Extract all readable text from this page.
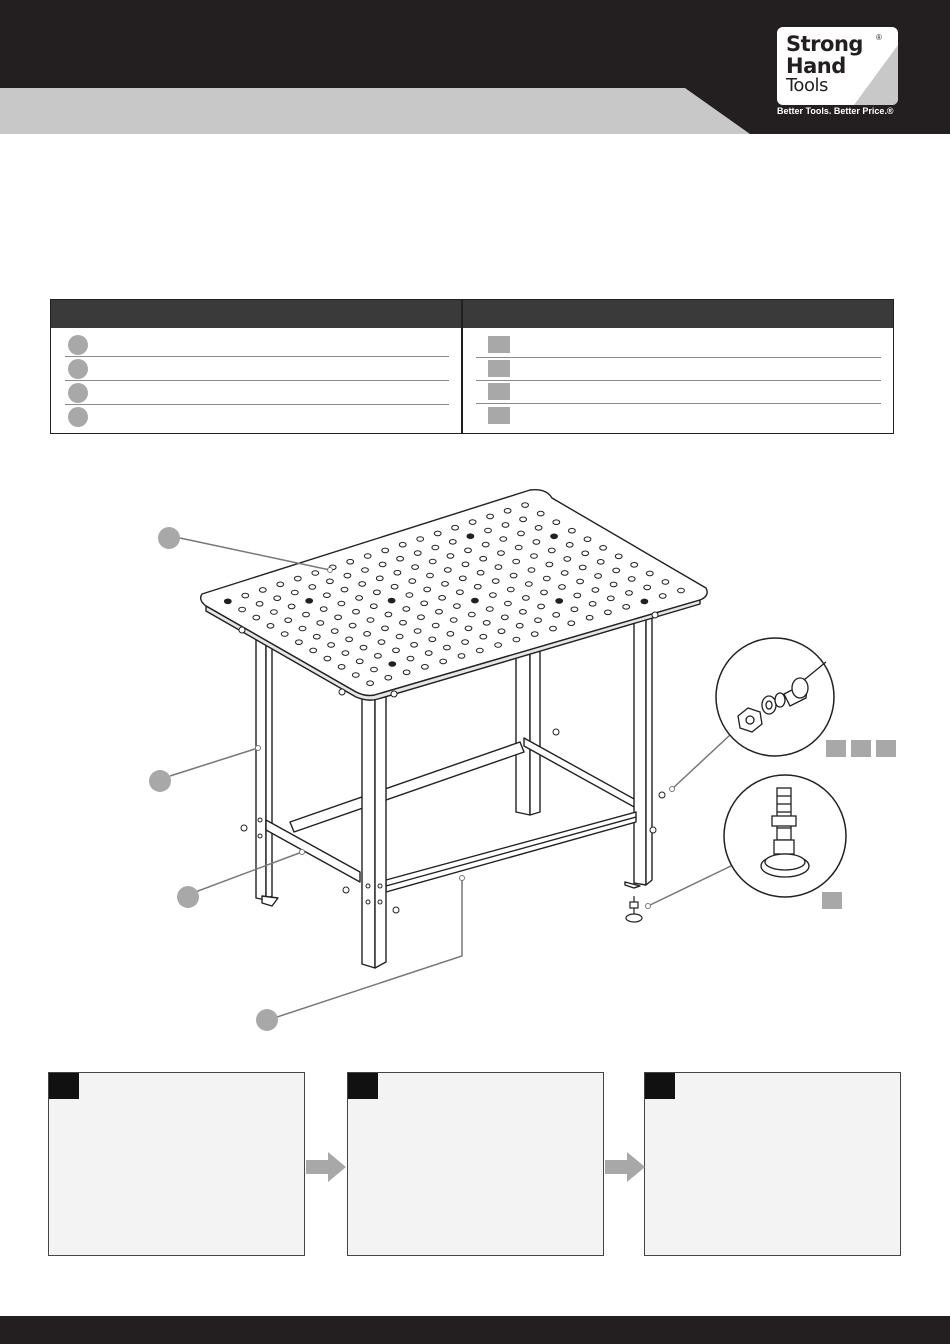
Strong
Hand
Tools
®
Better Tools. Better Price.®
